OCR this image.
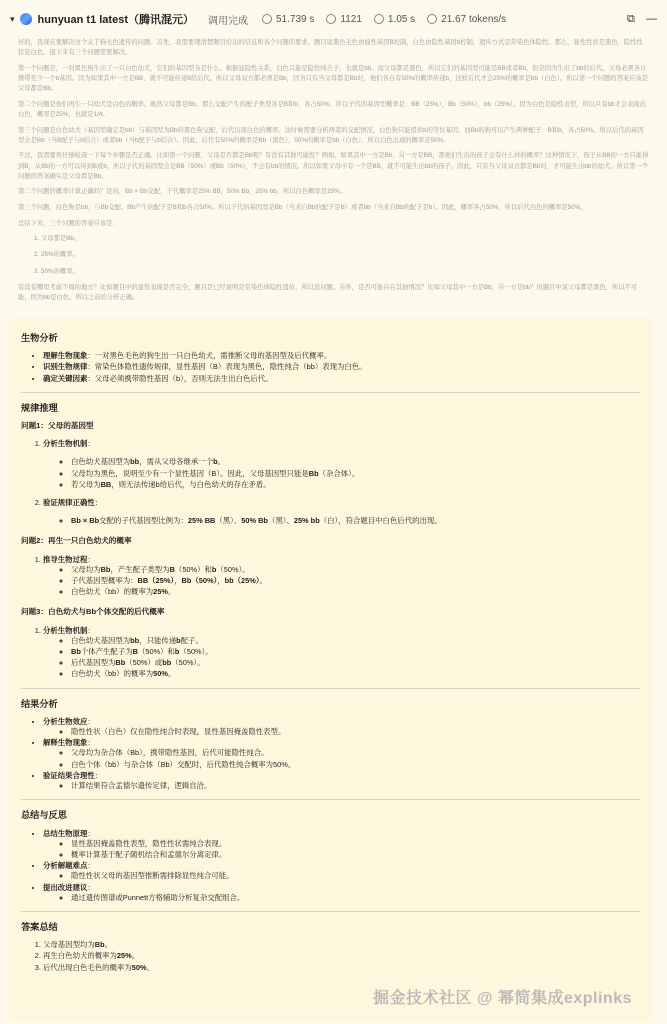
▾ hunyuan t1 latest（腾讯混元） 调用完成	51.739 s	1121	1.05 s	21.67 tokens/s	⧉ —

好的，我现在要解决这个关于狗毛色遗传的问题。首先，我需要理清楚题目给出的信息和各个问题的要求。题目说黑色毛色由显性基因B控制，白色由隐性基因b控制，遗传方式是常染色体隐性。那么，显性性状是黑色，隐性性状是白色。接下来有三个问题需要解决。

第一个问题是，一对黑色狗生出了一只白色幼犬，它们的基因型各是什么。根据显隐性关系，白色只能是隐性纯合子，也就是bb。而父母都是黑色，所以它们的基因型可能是BB或者Bb。但是因为生出了bb的后代，父母必须各自携带至少一个b基因。因为如果其中一方是BB，就不可能传递b给后代。所以父母双方都必须是Bb，因为只有当父母都是Bb时，他们各自有50%的概率传递b，这样后代才会25%的概率是bb（白色）。所以第一个问题的答案应该是父母都是Bb。

第二个问题是他们再生一只幼犬是白色的概率。既然父母都是Bb，那么交配产生的配子类型各是B和b，各占50%。所以子代的基因型概率是：BB（25%），Bb（50%），bb（25%）。因为白色是隐性表型，所以只有bb才会表现出白色，概率是25%，也就是1/4。

第三个问题是白色幼犬（基因型确定是bb）与基因型为Bb的黑色狗交配，后代出现白色的概率。这时候需要分析两者的交配情况。白色狗只能提供b的等位基因，而Bb的狗可以产生两种配子：B和b，各占50%。所以后代的基因型会是Bb（当B配子与b结合）或者bb（当b配子与b结合）。因此，后代有50%的概率是Bb（黑色），50%的概率是bb（白色）。所以白色出现的概率是50%。

不过，我需要再仔细检查一下每个步骤是否正确。比如第一个问题，父母是否都是Bb呢？有没有其他可能性？例如，如果其中一方是Bb，另一方是BB，那他们生出的孩子会有什么样的概率？这种情况下，孩子从BB的一方只能得到B，从Bb的一方可以得到B或b，所以子代的基因型会是BB（50%）或Bb（50%），不会有bb的情况。所以如果父母中有一个是BB，就不可能生出bb的孩子。因此，只有当父母双方都是Bb时，才可能生出bb的幼犬。所以第一个问题的答案确实是父母都是Bb。

第二个问题的概率计算正确吗？是的，Bb × Bb交配，子代概率是25% BB，50% Bb，25% bb，所以白色概率是25%。

第三个问题，白色狗是bb，与Bb交配。Bb产生的配子是B和b各占50%。所以子代的基因型是Bb（当来自Bb的配子是B）或者bb（当来自Bb的配子是b）。因此，概率各占50%，所以后代白色的概率是50%。

总结下来，三个问题的答案应该是：

1. 父母都是Bb。
2. 25%的概率。
3. 50%的概率。

有没有哪里考虑不周的地方？比如题目中的显性表现是否完全，题目是已经说明是常染色体隐性遗传，所以没问题。另外，是否可能存在其他情况？比如父母其中一方是Bb，另一方是bb？但题目中说父母都是黑色，所以不可能，因为bb是白色。所以之前的分析正确。

生物分析
• 理解生物现象：一对黑色毛色的狗生出一只白色幼犬，需推断父母的基因型及后代概率。
• 识别生物规律：常染色体隐性遗传规律，显性基因（B）表现为黑色，隐性纯合（bb）表现为白色。
• 确定关键因素：父母必须携带隐性基因（b），否则无法生出白色后代。
规律推理
问题1：父母的基因型
1. 分析生物机制：
◦ 白色幼犬基因型为bb，需从父母各继承一个b。
◦ 父母均为黑色，说明至少有一个显性基因（B）。因此，父母基因型只能是Bb（杂合体）。
◦ 若父母为BB，则无法传递b给后代，与白色幼犬的存在矛盾。
2. 验证规律正确性：
◦ Bb × Bb交配的子代基因型比例为：25% BB（黑）、50% Bb（黑）、25% bb（白），符合题目中白色后代的出现。
问题2：再生一只白色幼犬的概率
1. 推导生物过程：
◦ 父母均为Bb，产生配子类型为B（50%）和b（50%）。
◦ 子代基因型概率为：BB（25%），Bb（50%），bb（25%）。
◦ 白色幼犬（bb）的概率为25%。
问题3：白色幼犬与Bb个体交配的后代概率
1. 分析生物机制：
◦ 白色幼犬基因型为bb，只能传递b配子。
◦ Bb个体产生配子为B（50%）和b（50%）。
◦ 后代基因型为Bb（50%）或bb（50%）。
◦ 白色幼犬（bb）的概率为50%。
结果分析
• 分析生物效应：
◦ 隐性性状（白色）仅在隐性纯合时表现，显性基因掩盖隐性表型。
• 解释生物现象：
◦ 父母均为杂合体（Bb），携带隐性基因，后代可能隐性纯合。
◦ 白色个体（bb）与杂合体（Bb）交配时，后代隐性纯合概率为50%。
• 验证结果合理性：
◦ 计算结果符合孟德尔遗传定律，逻辑自洽。
总结与反思
• 总结生物原理：
◦ 显性基因掩盖隐性表型，隐性性状需纯合表现。
◦ 概率计算基于配子随机结合和孟德尔分离定律。
• 分析解题难点：
◦ 隐性性状父母的基因型推断需排除显性纯合可能。
• 提出改进建议：
◦ 通过遗传图谱或Punnett方格辅助分析复杂交配组合。
答案总结
1. 父母基因型均为Bb。
2. 再生白色幼犬的概率为25%。
3. 后代出现白色毛色的概率为50%。
掘金技术社区 @ 幂简集成explinks
